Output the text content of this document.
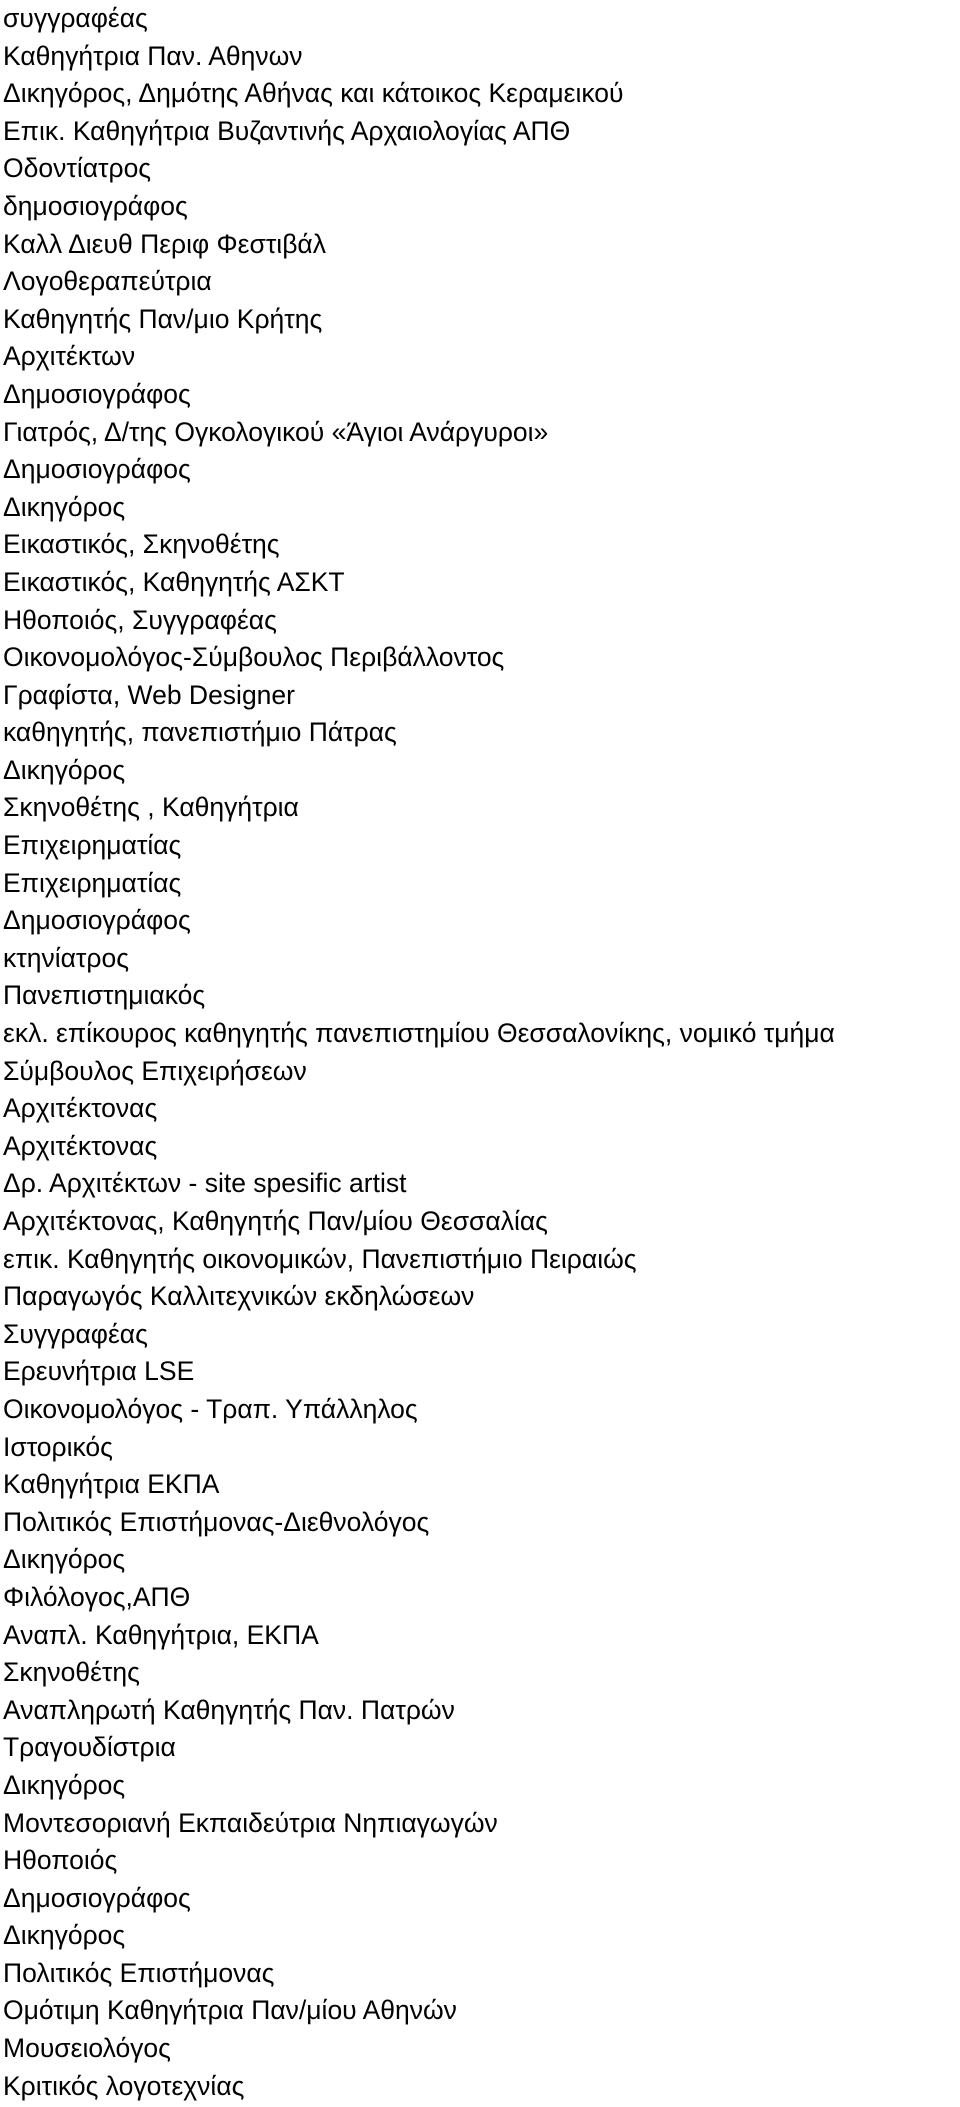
συγγραφέας

Καθηγήτρια Παν. Αθηνων

Δικηγόρος, Δημότης Αθήνας και κάτοικος Κεραμεικού

Επικ. Καθηγήτρια Βυζαντινής Αρχαιολογίας ΑΠΘ

Οδοντίατρος

δημοσιογράφος

Καλλ Διευθ Περιφ Φεστιβάλ

Λογοθεραπεύτρια

Καθηγητής Παν/μιο Κρήτης

Αρχιτέκτων

Δημοσιογράφος

Γιατρός, Δ/της Ογκολογικού «Άγιοι Ανάργυροι»

Δημοσιογράφος

Δικηγόρος

Εικαστικός, Σκηνοθέτης

Εικαστικός, Καθηγητής ΑΣΚΤ

Ηθοποιός, Συγγραφέας

Οικονομολόγος-Σύμβουλος Περιβάλλοντος

Γραφίστα, Web Designer

καθηγητής, πανεπιστήμιο Πάτρας

Δικηγόρος

Σκηνοθέτης , Καθηγήτρια

Επιχειρηματίας

Επιχειρηματίας

Δημοσιογράφος

κτηνίατρος

Πανεπιστημιακός

εκλ. επίκουρος καθηγητής πανεπιστημίου Θεσσαλονίκης, νομικό τμήμα

Σύμβουλος Επιχειρήσεων

Αρχιτέκτονας

Αρχιτέκτονας

Δρ. Αρχιτέκτων - site spesific artist

Αρχιτέκτονας, Καθηγητής Παν/μίου Θεσσαλίας

επικ. Καθηγητής οικονομικών, Πανεπιστήμιο Πειραιώς

Παραγωγός Καλλιτεχνικών εκδηλώσεων

Συγγραφέας

Ερευνήτρια LSE

Οικονομολόγος - Τραπ. Υπάλληλος

Ιστορικός

Καθηγήτρια ΕΚΠΑ

Πολιτικός Επιστήμονας-Διεθνολόγος

Δικηγόρος

Φιλόλογος,ΑΠΘ

Αναπλ. Καθηγήτρια, ΕΚΠΑ

Σκηνοθέτης

Αναπληρωτή Καθηγητής Παν. Πατρών

Τραγουδίστρια

Δικηγόρος

Μοντεσοριανή Εκπαιδεύτρια Νηπιαγωγών

Ηθοποιός

Δημοσιογράφος

Δικηγόρος

Πολιτικός Επιστήμονας

Ομότιμη Καθηγήτρια Παν/μίου Αθηνών

Μουσειολόγος

Κριτικός λογοτεχνίας
